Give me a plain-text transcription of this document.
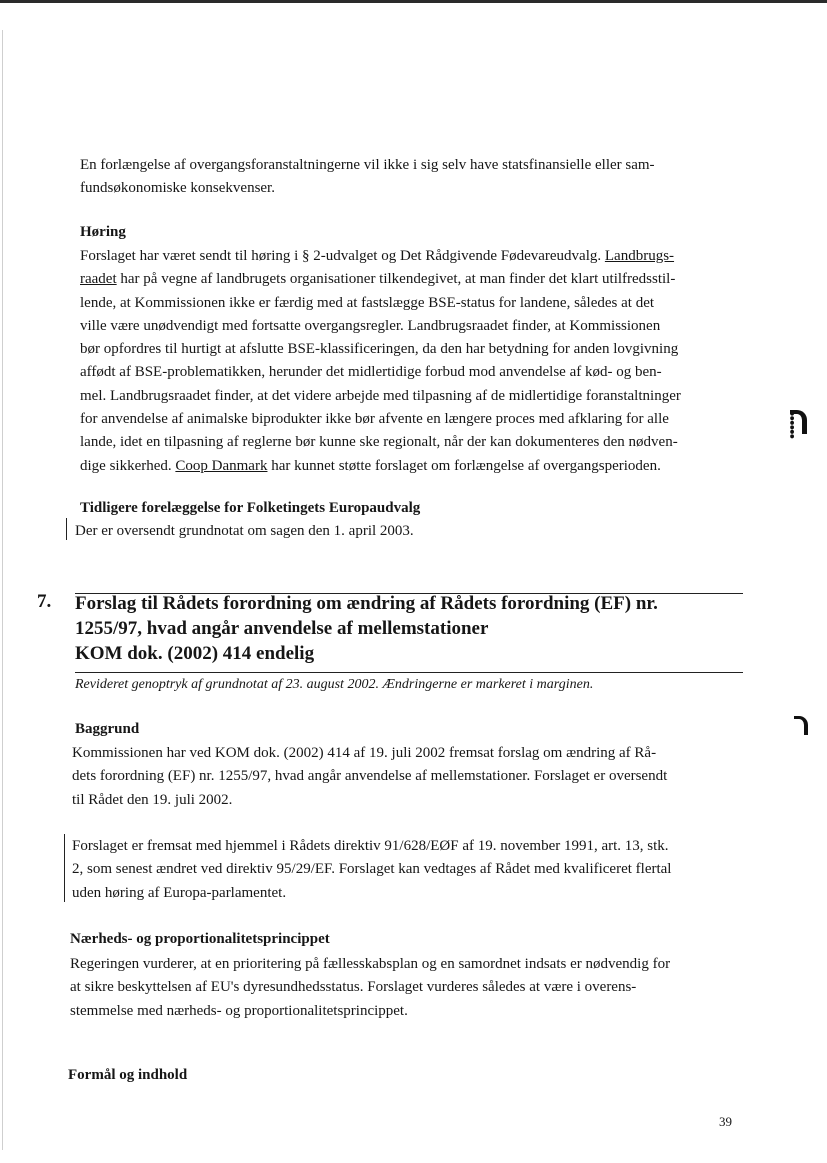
En forlængelse af overgangsforanstaltningerne vil ikke i sig selv have statsfinansielle eller sam-
fundsøkonomiske konsekvenser.

Høring

Forslaget har været sendt til høring i § 2-udvalget og Det Rådgivende Fødevareudvalg. Landbrugs-
raadet har på vegne af landbrugets organisationer tilkendegivet, at man finder det klart utilfredsstil-
lende, at Kommissionen ikke er færdig med at fastslægge BSE-status for landene, således at det
ville være unødvendigt med fortsatte overgangsregler. Landbrugsraadet finder, at Kommissionen
bør opfordres til hurtigt at afslutte BSE-klassificeringen, da den har betydning for anden lovgivning
affødt af BSE-problematikken, herunder det midlertidige forbud mod anvendelse af kød- og ben-
mel. Landbrugsraadet finder, at det videre arbejde med tilpasning af de midlertidige foranstaltninger
for anvendelse af animalske biprodukter ikke bør afvente en længere proces med afklaring for alle
lande, idet en tilpasning af reglerne bør kunne ske regionalt, når der kan dokumenteres den nødven-
dige sikkerhed. Coop Danmark har kunnet støtte forslaget om forlængelse af overgangsperioden.

Tidligere forelæggelse for Folketingets Europaudvalg

Der er oversendt grundnotat om sagen den 1. april 2003.

7. Forslag til Rådets forordning om ændring af Rådets forordning (EF) nr.
1255/97, hvad angår anvendelse af mellemstationer
KOM dok. (2002) 414 endelig
Revideret genoptryk af grundnotat af 23. august 2002. Ændringerne er markeret i marginen.
Baggrund

Kommissionen har ved KOM dok. (2002) 414 af 19. juli 2002 fremsat forslag om ændring af Rå-
dets forordning (EF) nr. 1255/97, hvad angår anvendelse af mellemstationer. Forslaget er oversendt
til Rådet den 19. juli 2002.

Forslaget er fremsat med hjemmel i Rådets direktiv 91/628/EØF af 19. november 1991, art. 13, stk.
2, som senest ændret ved direktiv 95/29/EF. Forslaget kan vedtages af Rådet med kvalificeret flertal
uden høring af Europa-parlamentet.

Nærheds- og proportionalitetsprincippet

Regeringen vurderer, at en prioritering på fællesskabsplan og en samordnet indsats er nødvendig for
at sikre beskyttelsen af EU's dyresundhedsstatus. Forslaget vurderes således at være i overens-
stemmelse med nærheds- og proportionalitetsprincippet.

Formål og indhold
39
⸽
